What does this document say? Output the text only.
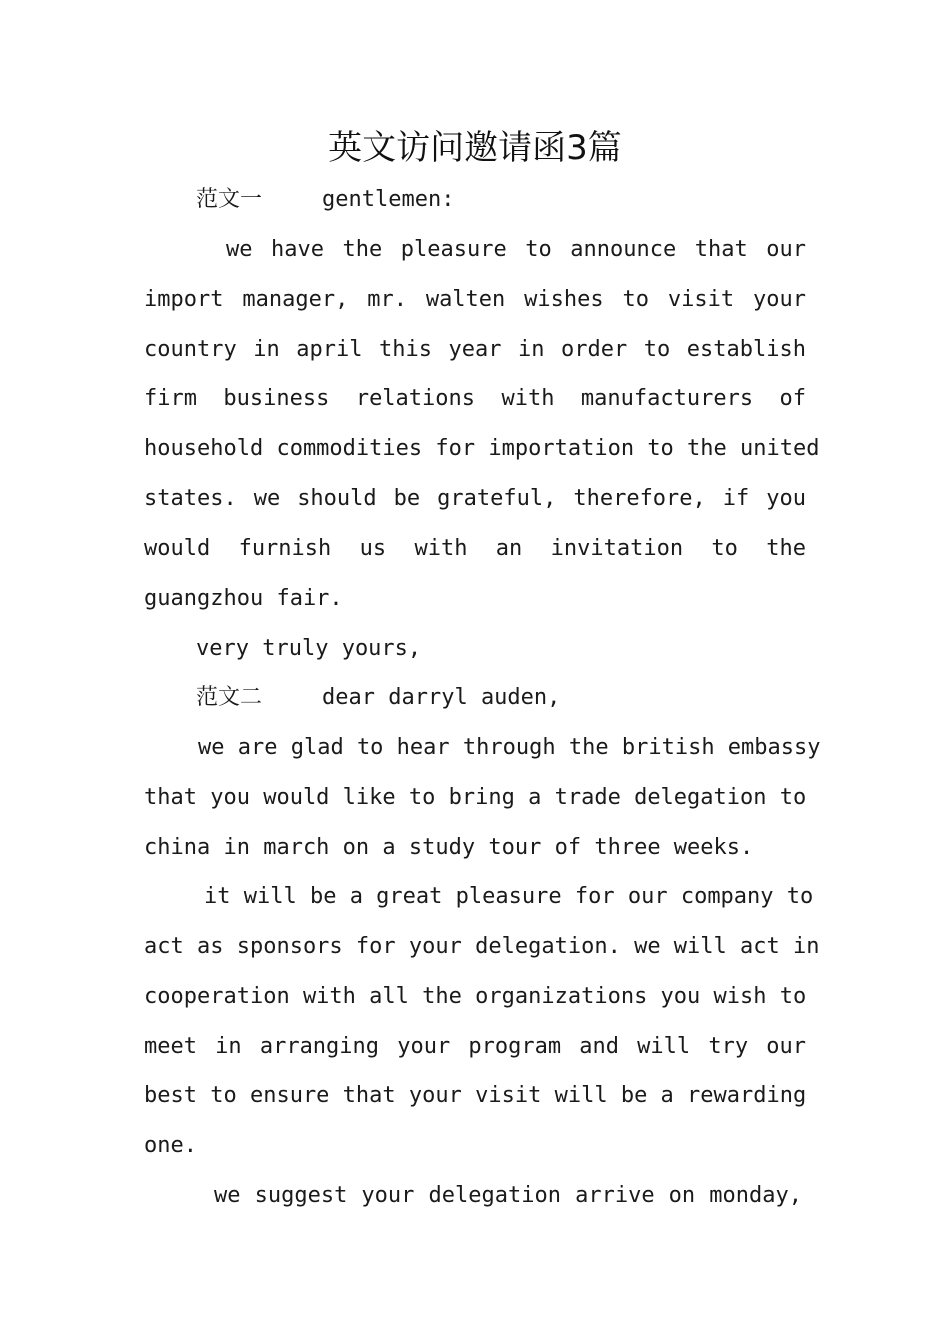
英文访问邀请函3篇
范文一	gentlemen:
we have the pleasure to announce that our
import manager, mr. walten wishes to visit your
country in april this year in order to establish
firm business relations with manufacturers of
household commodities for importation to the united
states. we should be grateful, therefore, if you
would furnish us with an invitation to the
guangzhou fair.
very truly yours,
范文二	dear darryl auden,
we are glad to hear through the british embassy
that you would like to bring a trade delegation to
china in march on a study tour of three weeks.
it will be a great pleasure for our company to
act as sponsors for your delegation. we will act in
cooperation with all the organizations you wish to
meet in arranging your program and will try our
best to ensure that your visit will be a rewarding
one.
we suggest your delegation arrive on monday,
